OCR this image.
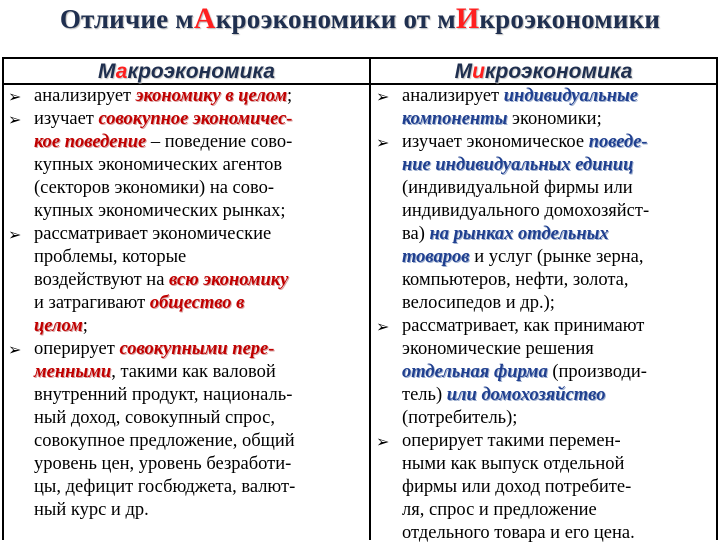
Отличие мАкроэкономики от мИкроэкономики
Макроэкономика	Микроэкономика
➢ анализирует экономику в целом;
➢ изучает совокупное экономичес-
кое поведение – поведение сово-
купных экономических агентов
(секторов экономики) на сово-
купных экономических рынках;
➢ рассматривает экономические
проблемы, которые
воздействуют на всю экономику
и затрагивают общество в
целом;
➢ оперирует совокупными пере-
менными, такими как валовой
внутренний продукт, националь-
ный доход, совокупный спрос,
совокупное предложение, общий
уровень цен, уровень безработи-
цы, дефицит госбюджета, валют-
ный курс и др.
➢ анализирует индивидуальные
компоненты экономики;
➢ изучает экономическое поведе-
ние индивидуальных единиц
(индивидуальной фирмы или
индивидуального домохозяйст-
ва) на рынках отдельных
товаров и услуг (рынке зерна,
компьютеров, нефти, золота,
велосипедов и др.);
➢ рассматривает, как принимают
экономические решения
отдельная фирма (производи-
тель) или домохозяйство
(потребитель);
➢ оперирует такими перемен-
ными как выпуск отдельной
фирмы или доход потребите-
ля, спрос и предложение
отдельного товара и его цена.
